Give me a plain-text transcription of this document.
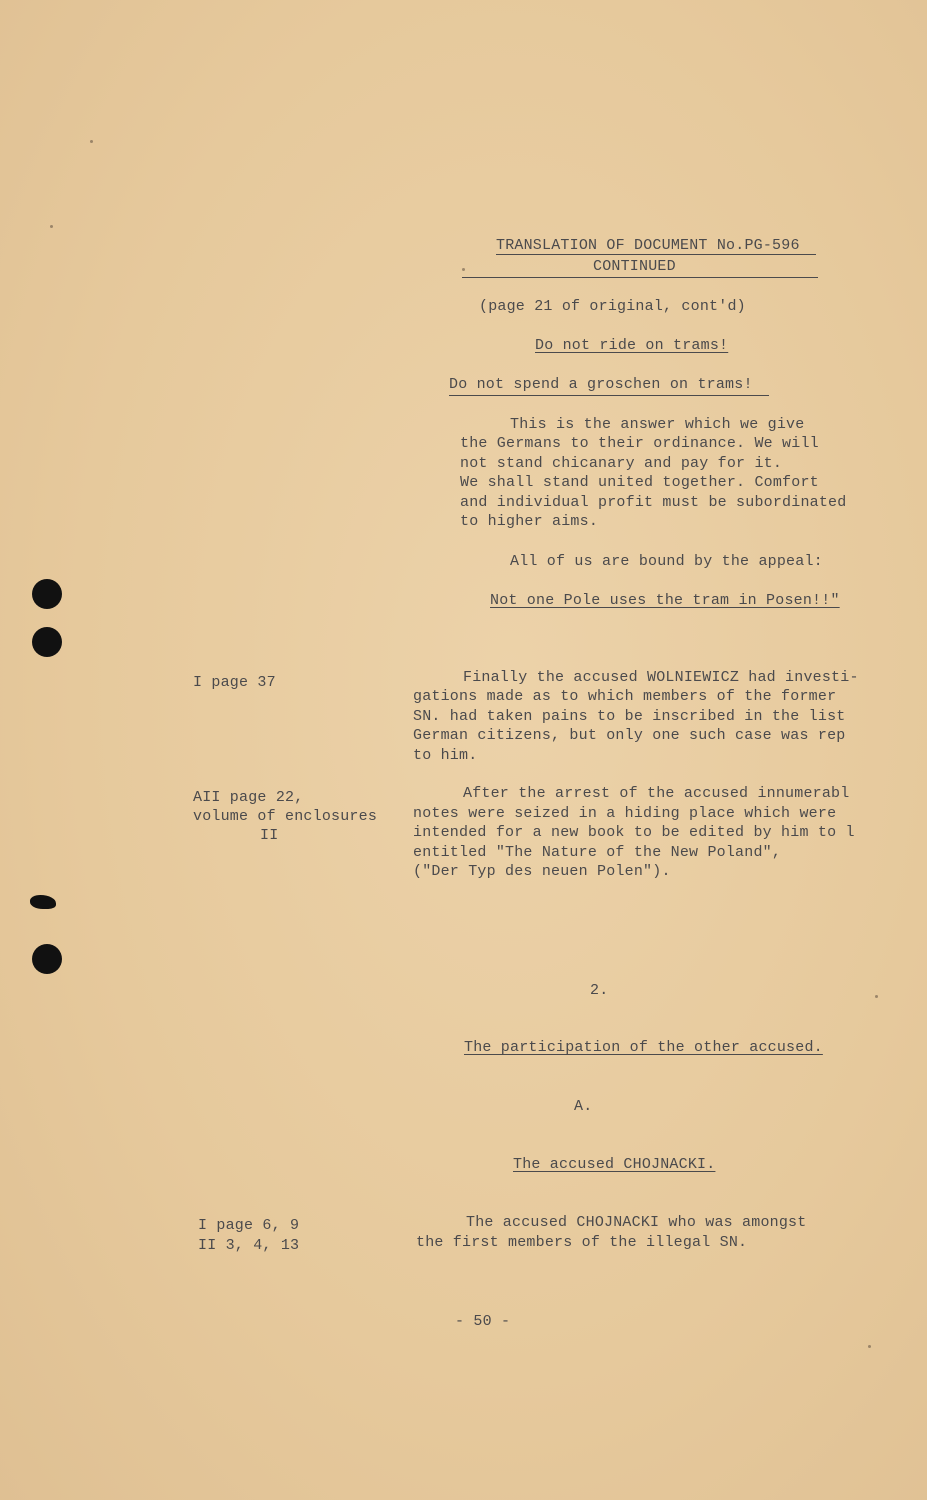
TRANSLATION OF DOCUMENT No.PG-596
CONTINUED
(page 21 of original, cont'd)
Do not ride on trams!
Do not spend a groschen on trams!
This is the answer which we give
the Germans to their ordinance. We will
not stand chicanary and pay for it.
We shall stand united together. Comfort
and individual profit must be subordinated
to higher aims.
All of us are bound by the appeal:
Not one Pole uses the tram in Posen!!"
I page 37	Finally the accused WOLNIEWICZ had investi-
gations made as to which members of the former
SN. had taken pains to be inscribed in the list
German citizens, but only one such case was rep
to him.
AII page 22,
volume of enclosures
II
After the arrest of the accused innumerabl
notes were seized in a hiding place which were
intended for a new book to be edited by him to l
entitled "The Nature of the New Poland",
("Der Typ des neuen Polen").
2.
The participation of the other accused.
A.
The accused CHOJNACKI.
I page 6, 9
II 3, 4, 13
The accused CHOJNACKI who was amongst
the first members of the illegal SN.
- 50 -
